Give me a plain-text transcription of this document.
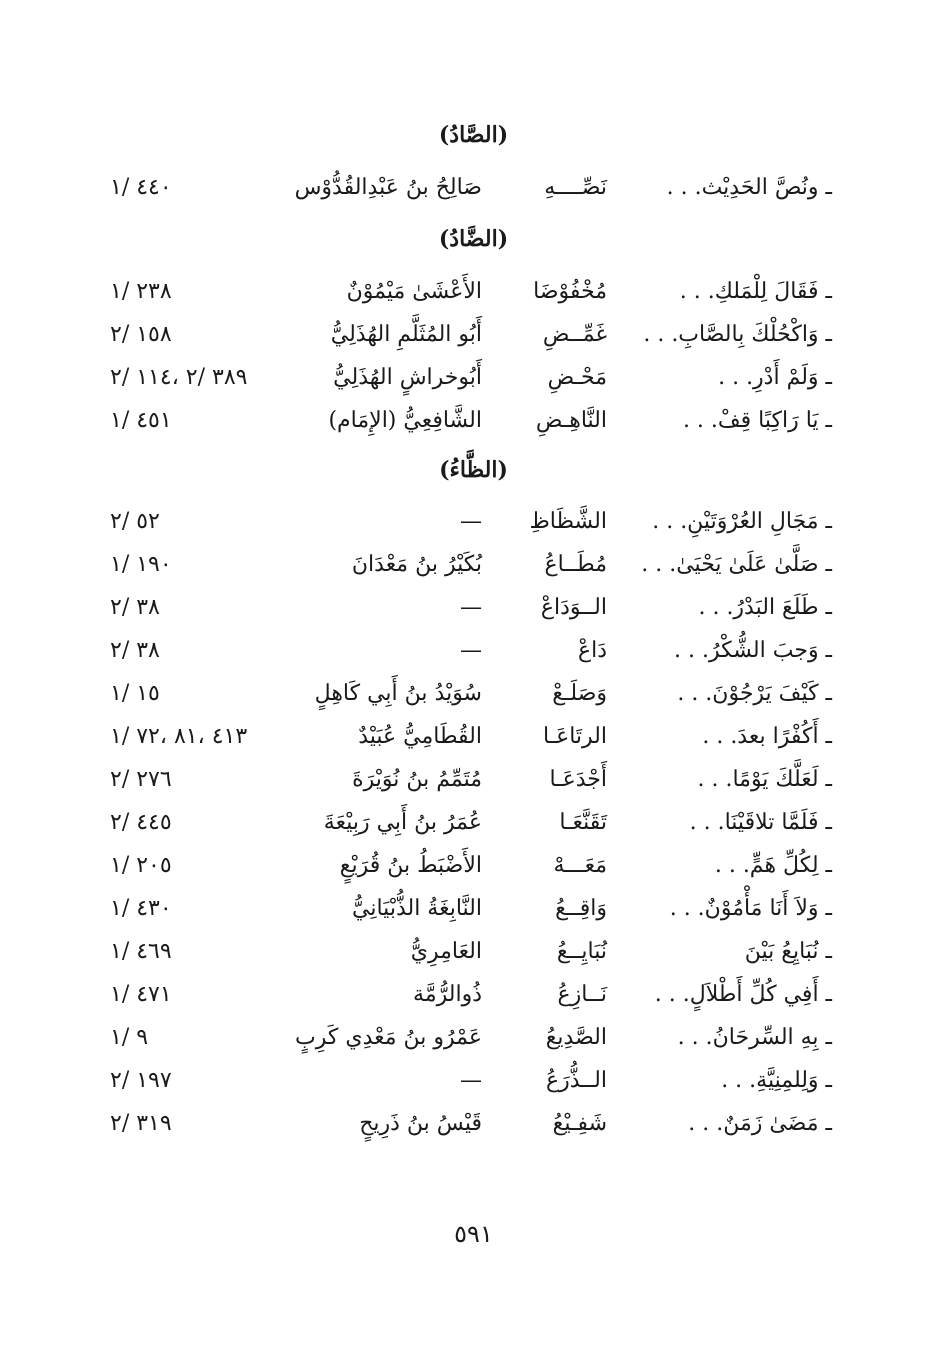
(الصَّادُ)
ـ ونُصَّ الحَدِيْث. . .
نَصِّــــهِ
صَالِحُ بنُ عَبْدِالقُدُّوْس
٤٤٠ /١
(الضَّادُ)
ـ فَقَالَ لِلْمَلكِ. . .
مُخْفُوْضَا
الأَعْشَىٰ مَيْمُوْنٌ
٢٣٨ /١
ـ وَاكْحُلْكَ بِالصَّابِ. . .
غَمِّــضِ
أَبُو المُثَلَّمِ الهُذَلِيُّ
١٥٨ /٢
ـ وَلَمْ أَدْرِ. . .
مَحْـضِ
أَبُوخراشٍ الهُذَلِيُّ
٣٨٩ /٢ ،١١٤ /٢
ـ يَا رَاكِبًا قِفْ. . .
النَّاهِـضِ
الشَّافِعِيُّ (الإِمَام)
٤٥١ /١
(الظَّاءُ)
ـ مَجَالِ العُرْوَتَيْنِ. . .
الشَّظَاظِ
—
٥٢ /٢
ـ صَلَّىٰ عَلَىٰ يَحْيَىٰ. . .
مُطَــاعُ
بُكَيْرُ بنُ مَعْدَانَ
١٩٠ /١
ـ طَلَعَ البَدْرُ. . .
الــوَدَاعْ
—
٣٨ /٢
ـ وَجبَ الشُّكْرُ. . .
دَاعْ
—
٣٨ /٢
ـ كَيْفَ يَرْجُوْنَ. . .
وَصَلَـعْ
سُوَيْدُ بنُ أَبِي كَاهِلٍ
١٥ /١
ـ أَكُفْرًا بعدَ. . .
الرتَاعَـا
القُطَامِيُّ عُبَيْدٌ
٤١٣ ،٨١ ،٧٢ /١
ـ لَعَلَّكَ يَوْمًا. . .
أَجْدَعَـا
مُتَمِّمُ بنُ نُوَيْرَةَ
٢٧٦ /٢
ـ فَلَمَّا تلاقَيْنَا. . .
تَقَنَّعَـا
عُمَرُ بنُ أَبِي رَبِيْعَةَ
٤٤٥ /٢
ـ لِكُلِّ هَمٍّ. . .
مَعَـــهْ
الأَضْبَطُ بنُ قُرَيْعٍ
٢٠٥ /١
ـ وَلاَ أَنَا مَأْمُوْنٌ. . .
وَاقِــعُ
النَّابِغَةُ الذُّبْيَانِيُّ
٤٣٠ /١
ـ نُبَايِعُ بَيْنَ
نُبَايِــعُ
العَامِرِيُّ
٤٦٩ /١
ـ أَفِي كُلِّ أَطْلاَلٍ. . .
نَــازِعُ
ذُوالرُّمَّة
٤٧١ /١
ـ بِهِ السِّرحَانُ. . .
الصَّدِيعُ
عَمْرُو بنُ مَعْدِي كَرِبٍ
٩ /١
ـ وَلِلمِنِيَّةِ. . .
الــذُّرَعُ
—
١٩٧ /٢
ـ مَضَىٰ زَمَنٌ. . .
شَفِـيْعُ
قَيْسُ بنُ ذَرِيحٍ
٣١٩ /٢
٥٩١
